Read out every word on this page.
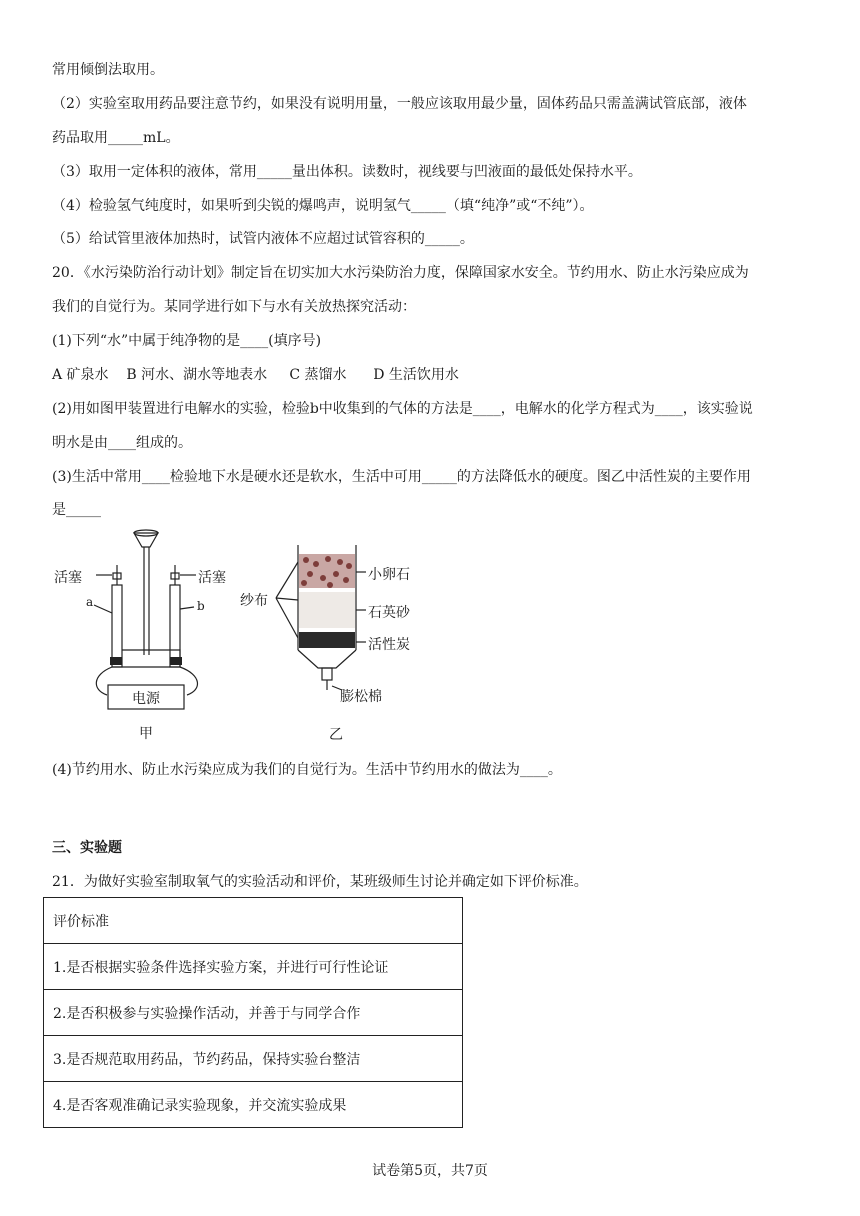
常用倾倒法取用。
（2）实验室取用药品要注意节约，如果没有说明用量，一般应该取用最少量，固体药品只需盖满试管底部，液体
药品取用_____mL。
（3）取用一定体积的液体，常用_____量出体积。读数时，视线要与凹液面的最低处保持水平。
（4）检验氢气纯度时，如果听到尖锐的爆鸣声，说明氢气_____（填“纯净”或“不纯”）。
（5）给试管里液体加热时，试管内液体不应超过试管容积的_____。
20．《水污染防治行动计划》制定旨在切实加大水污染防治力度，保障国家水安全。节约用水、防止水污染应成为
我们的自觉行为。某同学进行如下与水有关放热探究活动：
(1)下列“水”中属于纯净物的是____(填序号)
A 矿泉水    B 河水、湖水等地表水     C 蒸馏水      D 生活饮用水
(2)用如图甲装置进行电解水的实验，检验b中收集到的气体的方法是____，电解水的化学方程式为____，该实验说
明水是由____组成的。
(3)生活中常用____检验地下水是硬水还是软水，生活中可用_____的方法降低水的硬度。图乙中活性炭的主要作用
是_____
活塞	活塞
a	b
电源
甲
纱布
小卵石
石英砂
活性炭
膨松棉
乙
(4)节约用水、防止水污染应成为我们的自觉行为。生活中节约用水的做法为____。
三、实验题
21．为做好实验室制取氧气的实验活动和评价，某班级师生讨论并确定如下评价标准。
评价标准
1.是否根据实验条件选择实验方案，并进行可行性论证
2.是否积极参与实验操作活动，并善于与同学合作
3.是否规范取用药品，节约药品，保持实验台整洁
4.是否客观准确记录实验现象，并交流实验成果
试卷第5页，共7页
